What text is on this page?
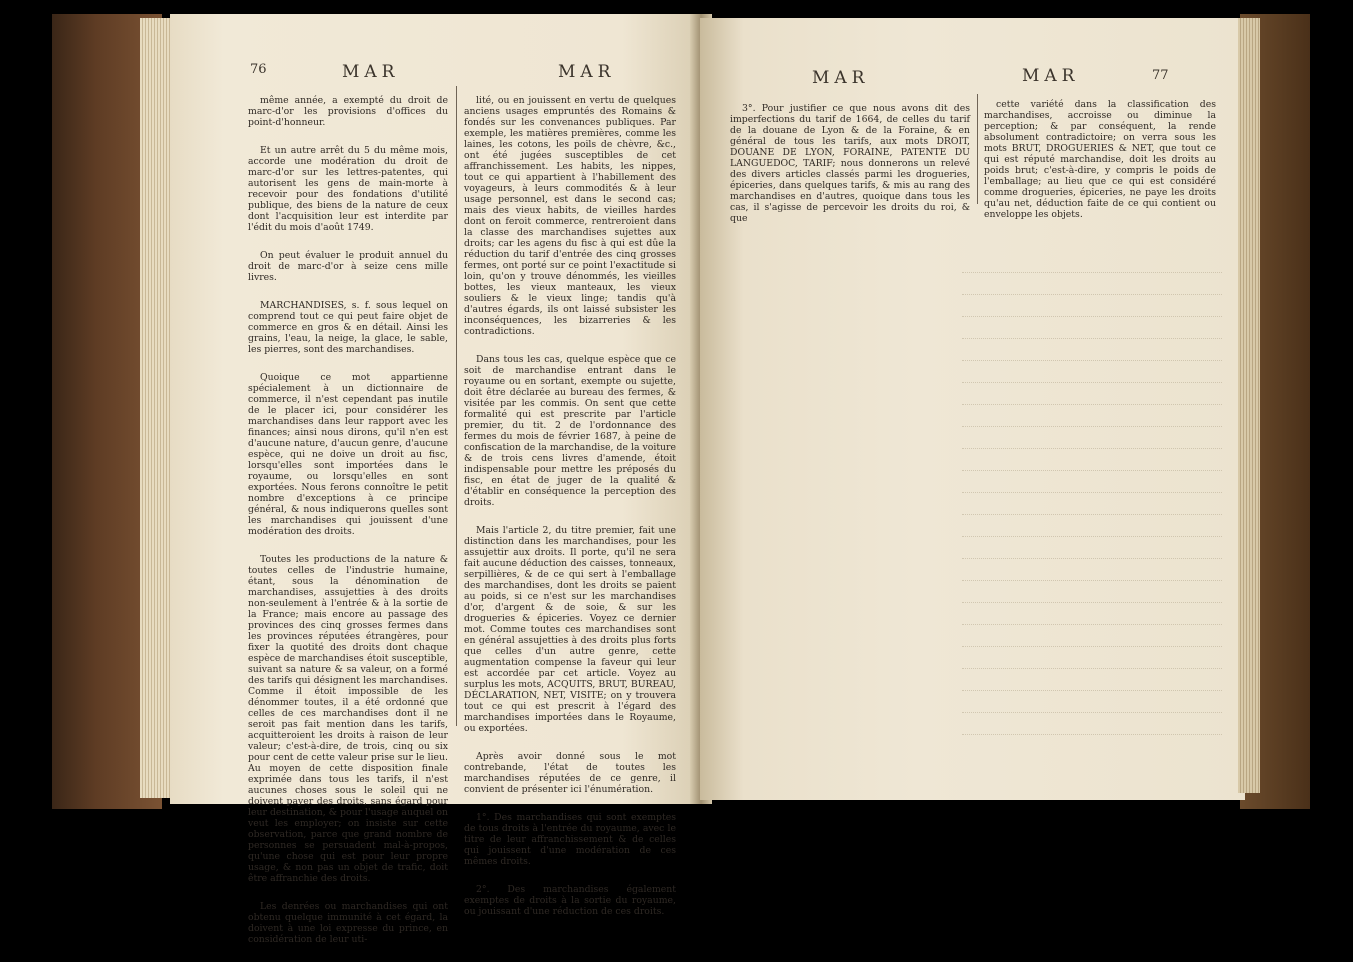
76	MAR	MAR

même année, a exempté du droit de marc-d'or les provisions d'offices du point-d'honneur.

Et un autre arrêt du 5 du même mois, accorde une modération du droit de marc-d'or sur les lettres-patentes, qui autorisent les gens de main-morte à recevoir pour des fondations d'utilité publique, des biens de la nature de ceux dont l'acquisition leur est interdite par l'édit du mois d'août 1749.

On peut évaluer le produit annuel du droit de marc-d'or à seize cens mille livres.

MARCHANDISES, s. f. sous lequel on comprend tout ce qui peut faire objet de commerce en gros & en détail. Ainsi les grains, l'eau, la neige, la glace, le sable, les pierres, sont des marchandises.

Quoique ce mot appartienne spécialement à un dictionnaire de commerce, il n'est cependant pas inutile de le placer ici, pour considérer les marchandises dans leur rapport avec les finances; ainsi nous dirons, qu'il n'en est d'aucune nature, d'aucun genre, d'aucune espèce, qui ne doive un droit au fisc, lorsqu'elles sont importées dans le royaume, ou lorsqu'elles en sont exportées. Nous ferons connoître le petit nombre d'exceptions à ce principe général, & nous indiquerons quelles sont les marchandises qui jouissent d'une modération des droits.

Toutes les productions de la nature & toutes celles de l'industrie humaine, étant, sous la dénomination de marchandises, assujetties à des droits non-seulement à l'entrée & à la sortie de la France; mais encore au passage des provinces des cinq grosses fermes dans les provinces réputées étrangères, pour fixer la quotité des droits dont chaque espèce de marchandises étoit susceptible, suivant sa nature & sa valeur, on a formé des tarifs qui désignent les marchandises. Comme il étoit impossible de les dénommer toutes, il a été ordonné que celles de ces marchandises dont il ne seroit pas fait mention dans les tarifs, acquitteroient les droits à raison de leur valeur; c'est-à-dire, de trois, cinq ou six pour cent de cette valeur prise sur le lieu. Au moyen de cette disposition finale exprimée dans tous les tarifs, il n'est aucunes choses sous le soleil qui ne doivent payer des droits, sans égard pour leur destination, & pour l'usage auquel on veut les employer; on insiste sur cette observation, parce que grand nombre de personnes se persuadent mal-à-propos, qu'une chose qui est pour leur propre usage, & non pas un objet de trafic, doit être affranchie des droits.

Les denrées ou marchandises qui ont obtenu quelque immunité à cet égard, la doivent à une loi expresse du prince, en considération de leur uti-

lité, ou en jouissent en vertu de quelques anciens usages empruntés des Romains & fondés sur les convenances publiques. Par exemple, les matières premières, comme les laines, les cotons, les poils de chèvre, &c., ont été jugées susceptibles de cet affranchissement. Les habits, les nippes, tout ce qui appartient à l'habillement des voyageurs, à leurs commodités & à leur usage personnel, est dans le second cas; mais des vieux habits, de vieilles hardes dont on feroit commerce, rentreroient dans la classe des marchandises sujettes aux droits; car les agens du fisc à qui est dûe la réduction du tarif d'entrée des cinq grosses fermes, ont porté sur ce point l'exactitude si loin, qu'on y trouve dénommés, les vieilles bottes, les vieux manteaux, les vieux souliers & le vieux linge; tandis qu'à d'autres égards, ils ont laissé subsister les inconséquences, les bizarreries & les contradictions.

Dans tous les cas, quelque espèce que ce soit de marchandise entrant dans le royaume ou en sortant, exempte ou sujette, doit être déclarée au bureau des fermes, & visitée par les commis. On sent que cette formalité qui est prescrite par l'article premier, du tit. 2 de l'ordonnance des fermes du mois de février 1687, à peine de confiscation de la marchandise, de la voiture & de trois cens livres d'amende, étoit indispensable pour mettre les préposés du fisc, en état de juger de la qualité & d'établir en conséquence la perception des droits.

Mais l'article 2, du titre premier, fait une distinction dans les marchandises, pour les assujettir aux droits. Il porte, qu'il ne sera fait aucune déduction des caisses, tonneaux, serpillières, & de ce qui sert à l'emballage des marchandises, dont les droits se paient au poids, si ce n'est sur les marchandises d'or, d'argent & de soie, & sur les drogueries & épiceries. Voyez ce dernier mot. Comme toutes ces marchandises sont en général assujetties à des droits plus forts que celles d'un autre genre, cette augmentation compense la faveur qui leur est accordée par cet article. Voyez au surplus les mots, ACQUITS, BRUT, BUREAU, DÉCLARATION, NET, VISITE; on y trouvera tout ce qui est prescrit à l'égard des marchandises importées dans le Royaume, ou exportées.

Après avoir donné sous le mot contrebande, l'état de toutes les marchandises réputées de ce genre, il convient de présenter ici l'énumération.

1°. Des marchandises qui sont exemptes de tous droits à l'entrée du royaume, avec le titre de leur affranchissement & de celles qui jouissent d'une modération de ces mêmes droits.

2°. Des marchandises également exemptes de droits à la sortie du royaume, ou jouissant d'une réduction de ces droits.

MAR	MAR	77

3°. Pour justifier ce que nous avons dit des imperfections du tarif de 1664, de celles du tarif de la douane de Lyon & de la Foraine, & en général de tous les tarifs, aux mots DROIT, DOUANE DE LYON, FORAINE, PATENTE DU LANGUEDOC, TARIF; nous donnerons un relevé des divers articles classés parmi les drogueries, épiceries, dans quelques tarifs, & mis au rang des marchandises en d'autres, quoique dans tous les cas, il s'agisse de percevoir les droits du roi, & que

cette variété dans la classification des marchandises, accroisse ou diminue la perception; & par conséquent, la rende absolument contradictoire; on verra sous les mots BRUT, DROGUERIES & NET, que tout ce qui est réputé marchandise, doit les droits au poids brut; c'est-à-dire, y compris le poids de l'emballage; au lieu que ce qui est considéré comme drogueries, épiceries, ne paye les droits qu'au net, déduction faite de ce qui contient ou enveloppe les objets.
